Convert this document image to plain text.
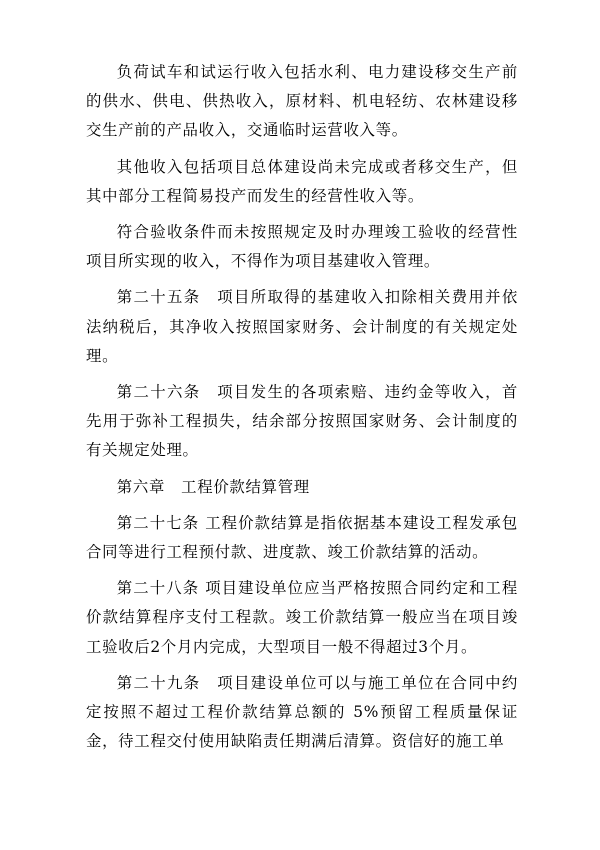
负荷试车和试运行收入包括水利、电力建设移交生产前的供水、供电、供热收入，原材料、机电轻纺、农林建设移交生产前的产品收入，交通临时运营收入等。

其他收入包括项目总体建设尚未完成或者移交生产，但其中部分工程简易投产而发生的经营性收入等。

符合验收条件而未按照规定及时办理竣工验收的经营性项目所实现的收入，不得作为项目基建收入管理。

第二十五条　项目所取得的基建收入扣除相关费用并依法纳税后，其净收入按照国家财务、会计制度的有关规定处理。

第二十六条　项目发生的各项索赔、违约金等收入，首先用于弥补工程损失，结余部分按照国家财务、会计制度的有关规定处理。

第六章　工程价款结算管理

第二十七条 工程价款结算是指依据基本建设工程发承包合同等进行工程预付款、进度款、竣工价款结算的活动。

第二十八条 项目建设单位应当严格按照合同约定和工程价款结算程序支付工程款。竣工价款结算一般应当在项目竣工验收后2个月内完成，大型项目一般不得超过3个月。

第二十九条　项目建设单位可以与施工单位在合同中约定按照不超过工程价款结算总额的 5%预留工程质量保证金，待工程交付使用缺陷责任期满后清算。资信好的施工单
